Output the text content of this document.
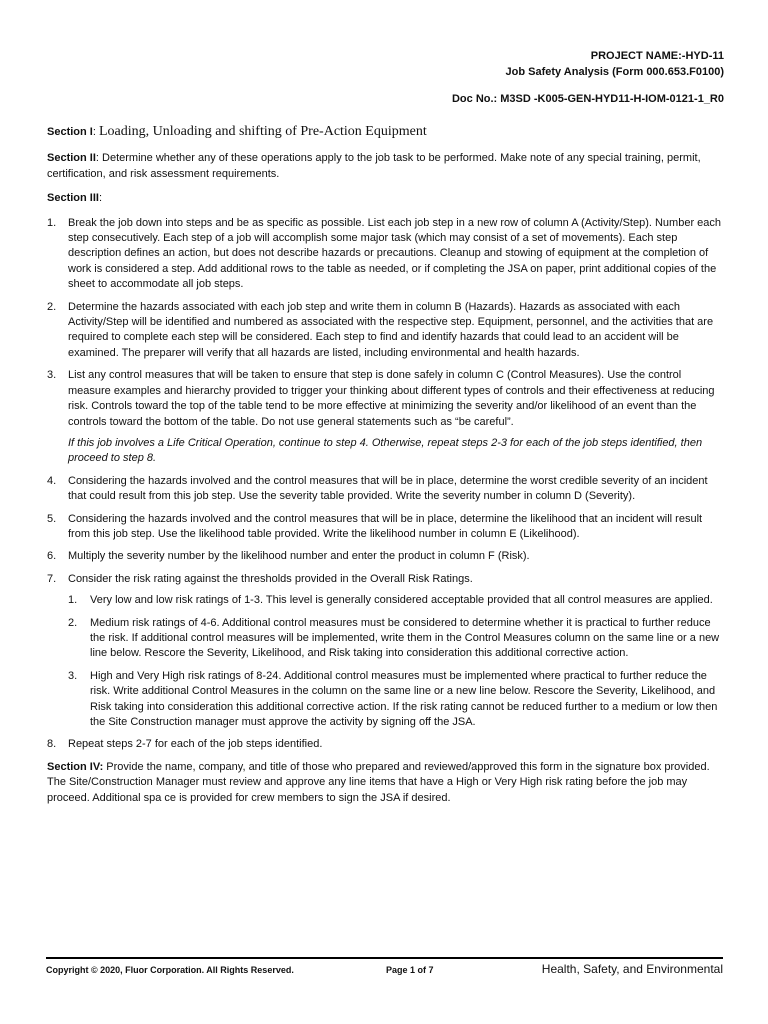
PROJECT NAME:-HYD-11
Job Safety Analysis (Form 000.653.F0100)
Doc No.: M3SD -K005-GEN-HYD11-H-IOM-0121-1_R0

Section I: Loading, Unloading and shifting of Pre-Action Equipment

Section II: Determine whether any of these operations apply to the job task to be performed. Make note of any special training, permit, certification, and risk assessment requirements.

Section III:

1. Break the job down into steps and be as specific as possible. List each job step in a new row of column A (Activity/Step). Number each step consecutively. Each step of a job will accomplish some major task (which may consist of a set of movements). Each step description defines an action, but does not describe hazards or precautions. Cleanup and stowing of equipment at the completion of work is considered a step. Add additional rows to the table as needed, or if completing the JSA on paper, print additional copies of the sheet to accommodate all job steps.
2. Determine the hazards associated with each job step and write them in column B (Hazards). Hazards as associated with each Activity/Step will be identified and numbered as associated with the respective step. Equipment, personnel, and the activities that are required to complete each step will be considered. Each step to find and identify hazards that could lead to an accident will be examined. The preparer will verify that all hazards are listed, including environmental and health hazards.
3. List any control measures that will be taken to ensure that step is done safely in column C (Control Measures). Use the control measure examples and hierarchy provided to trigger your thinking about different types of controls and their effectiveness at reducing risk. Controls toward the top of the table tend to be more effective at minimizing the severity and/or likelihood of an event than the controls toward the bottom of the table. Do not use general statements such as “be careful”.
If this job involves a Life Critical Operation, continue to step 4. Otherwise, repeat steps 2-3 for each of the job steps identified, then proceed to step 8.
4. Considering the hazards involved and the control measures that will be in place, determine the worst credible severity of an incident that could result from this job step. Use the severity table provided. Write the severity number in column D (Severity).
5. Considering the hazards involved and the control measures that will be in place, determine the likelihood that an incident will result from this job step. Use the likelihood table provided. Write the likelihood number in column E (Likelihood).
6. Multiply the severity number by the likelihood number and enter the product in column F (Risk).
7. Consider the risk rating against the thresholds provided in the Overall Risk Ratings.
1. Very low and low risk ratings of 1-3. This level is generally considered acceptable provided that all control measures are applied.
2. Medium risk ratings of 4-6. Additional control measures must be considered to determine whether it is practical to further reduce the risk. If additional control measures will be implemented, write them in the Control Measures column on the same line or a new line below. Rescore the Severity, Likelihood, and Risk taking into consideration this additional corrective action.
3. High and Very High risk ratings of 8-24. Additional control measures must be implemented where practical to further reduce the risk. Write additional Control Measures in the column on the same line or a new line below. Rescore the Severity, Likelihood, and Risk taking into consideration this additional corrective action. If the risk rating cannot be reduced further to a medium or low then the Site Construction manager must approve the activity by signing off the JSA.
8. Repeat steps 2-7 for each of the job steps identified.

Section IV: Provide the name, company, and title of those who prepared and reviewed/approved this form in the signature box provided. The Site/Construction Manager must review and approve any line items that have a High or Very High risk rating before the job may proceed. Additional spa ce is provided for crew members to sign the JSA if desired.

Copyright © 2020, Fluor Corporation. All Rights Reserved.	Page 1 of 7	Health, Safety, and Environmental
